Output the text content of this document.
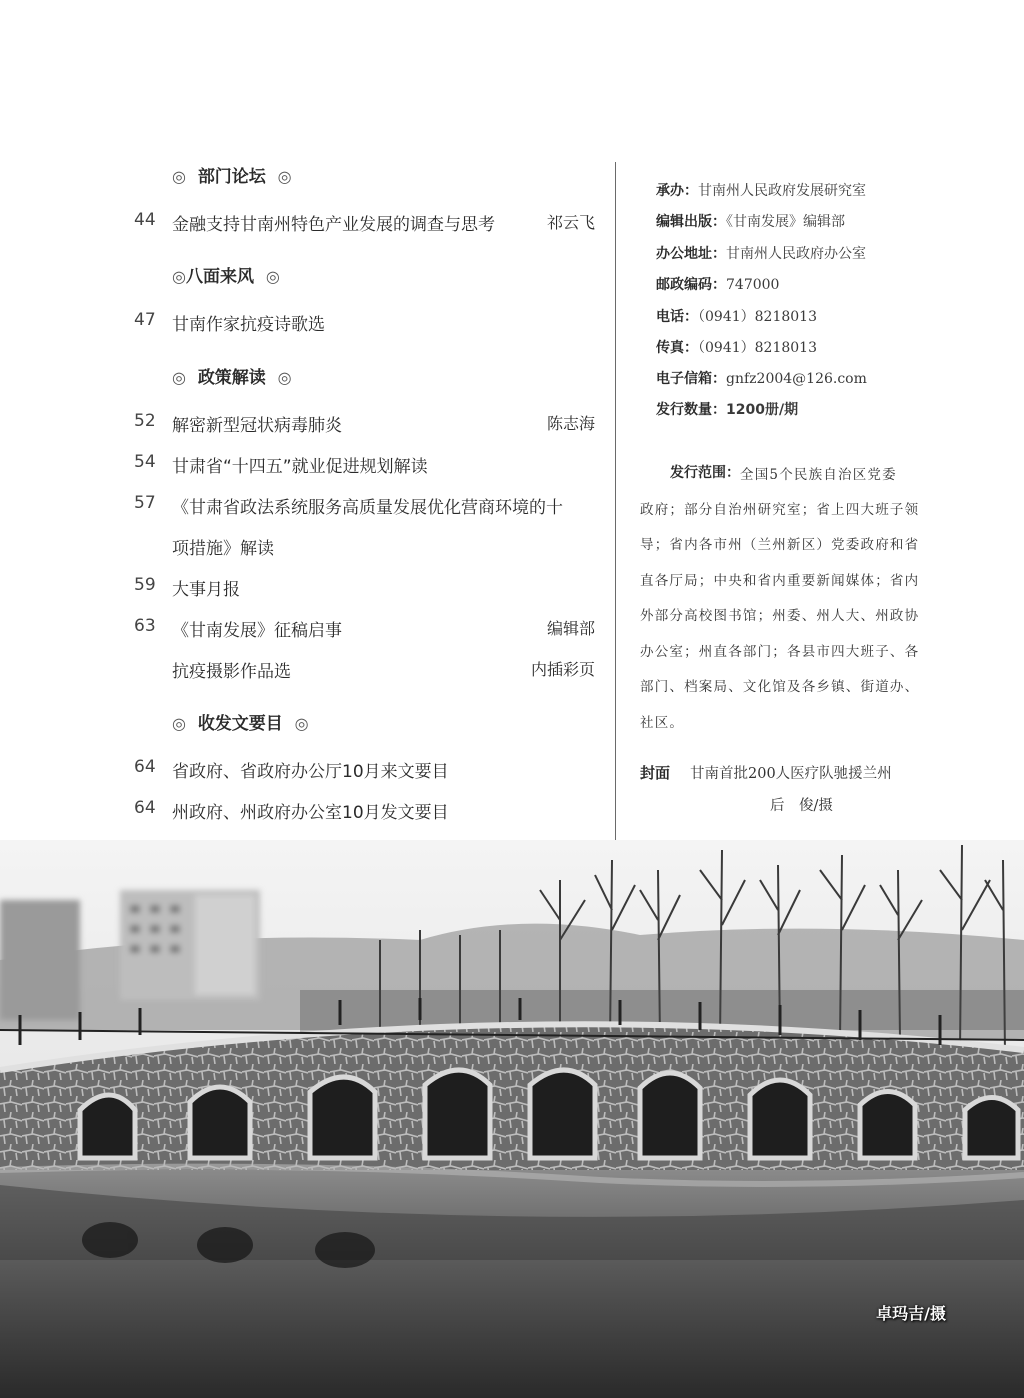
◎ 部门论坛 ◎
44 金融支持甘南州特色产业发展的调查与思考	祁云飞
◎八面来风 ◎
47 甘南作家抗疫诗歌选
◎ 政策解读 ◎
52 解密新型冠状病毒肺炎	陈志海
54 甘肃省“十四五”就业促进规划解读
57 《甘肃省政法系统服务高质量发展优化营商环境的十
项措施》解读
59 大事月报
63 《甘南发展》征稿启事	编辑部
抗疫摄影作品选	内插彩页
◎ 收发文要目 ◎
64 省政府、省政府办公厅10月来文要目
64 州政府、州政府办公室10月发文要目
承办：甘南州人民政府发展研究室
编辑出版：《甘南发展》编辑部
办公地址：甘南州人民政府办公室
邮政编码：747000
电话：（0941）8218013
传真：（0941）8218013
电子信箱：gnfz2004@126.com
发行数量：1200册/期
发行范围： 全国5个民族自治区党委
政府；部分自治州研究室；省上四大班子领
导；省内各市州（兰州新区）党委政府和省
直各厅局；中央和省内重要新闻媒体；省内
外部分高校图书馆；州委、州人大、州政协
办公室；州直各部门；各县市四大班子、各
部门、档案局、文化馆及各乡镇、街道办、
社区。
封面 甘南首批200人医疗队驰援兰州
后　俊/摄
卓玛吉/摄
